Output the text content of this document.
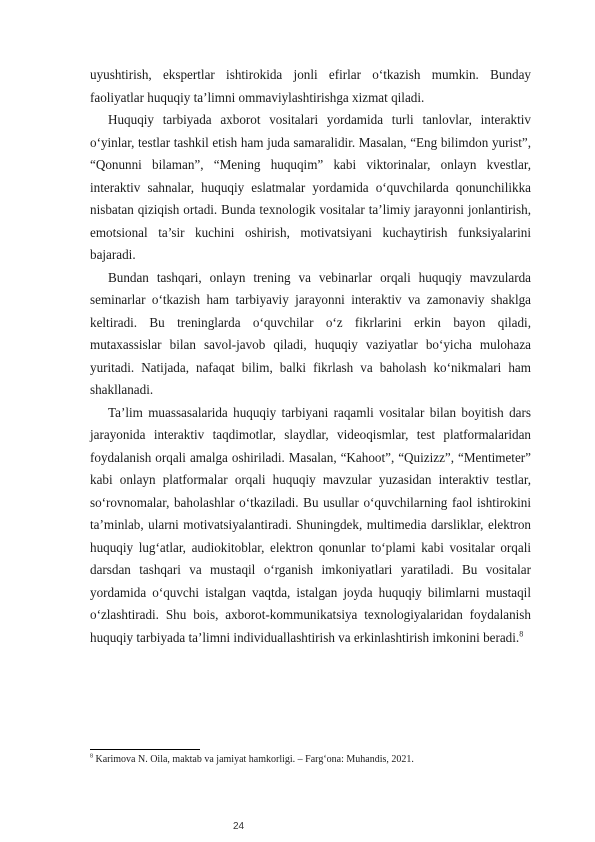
uyushtirish, ekspertlar ishtirokida jonli efirlar o‘tkazish mumkin. Bunday faoliyatlar huquqiy ta’limni ommaviylashtirishga xizmat qiladi.

Huquqiy tarbiyada axborot vositalari yordamida turli tanlovlar, interaktiv o‘yinlar, testlar tashkil etish ham juda samaralidir. Masalan, “Eng bilimdon yurist”, “Qonunni bilaman”, “Mening huquqim” kabi viktorinalar, onlayn kvestlar, interaktiv sahnalar, huquqiy eslatmalar yordamida o‘quvchilarda qonunchilikka nisbatan qiziqish ortadi. Bunda texnologik vositalar ta’limiy jarayonni jonlantirish, emotsional ta’sir kuchini oshirish, motivatsiyani kuchaytirish funksiyalarini bajaradi.

Bundan tashqari, onlayn trening va vebinarlar orqali huquqiy mavzularda seminarlar o‘tkazish ham tarbiyaviy jarayonni interaktiv va zamonaviy shaklga keltiradi. Bu treninglarda o‘quvchilar o‘z fikrlarini erkin bayon qiladi, mutaxassislar bilan savol-javob qiladi, huquqiy vaziyatlar bo‘yicha mulohaza yuritadi. Natijada, nafaqat bilim, balki fikrlash va baholash ko‘nikmalari ham shakllanadi.

Ta’lim muassasalarida huquqiy tarbiyani raqamli vositalar bilan boyitish dars jarayonida interaktiv taqdimotlar, slaydlar, videoqismlar, test platformalaridan foydalanish orqali amalga oshiriladi. Masalan, “Kahoot”, “Quizizz”, “Mentimeter” kabi onlayn platformalar orqali huquqiy mavzular yuzasidan interaktiv testlar, so‘rovnomalar, baholashlar o‘tkaziladi. Bu usullar o‘quvchilarning faol ishtirokini ta’minlab, ularni motivatsiyalantiradi. Shuningdek, multimedia darsliklar, elektron huquqiy lug‘atlar, audiokitoblar, elektron qonunlar to‘plami kabi vositalar orqali darsdan tashqari va mustaqil o‘rganish imkoniyatlari yaratiladi. Bu vositalar yordamida o‘quvchi istalgan vaqtda, istalgan joyda huquqiy bilimlarni mustaqil o‘zlashtiradi. Shu bois, axborot-kommunikatsiya texnologiyalaridan foydalanish huquqiy tarbiyada ta’limni individuallashtirish va erkinlashtirish imkonini beradi.$^8$

$^8$ Karimova N. Oila, maktab va jamiyat hamkorligi. – Farg‘ona: Muhandis, 2021.

24
